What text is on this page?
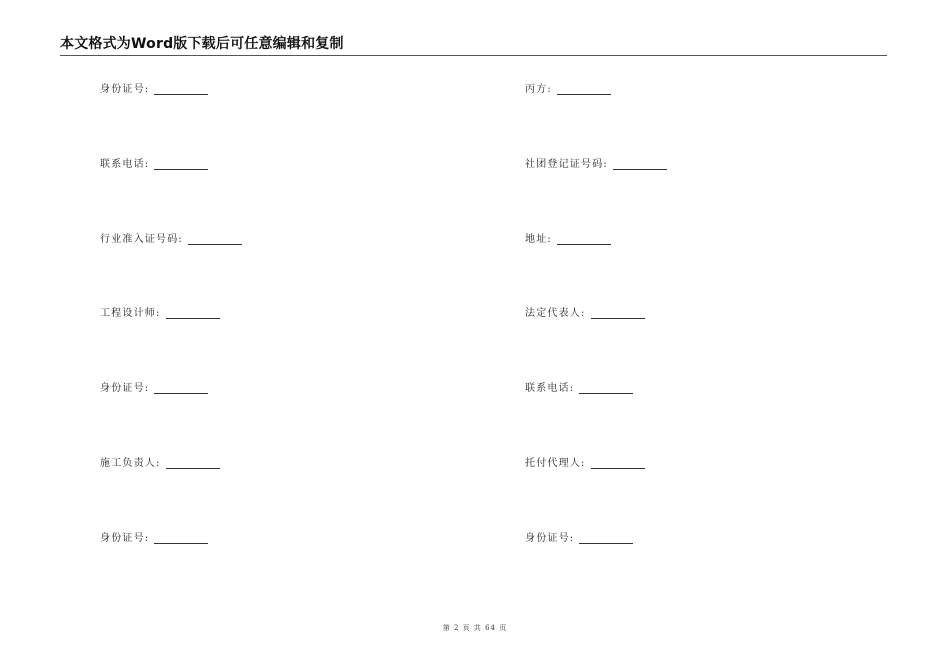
本文格式为Word版下载后可任意编辑和复制
身份证号:
联系电话:
行业准入证号码:
工程设计师:
身份证号:
施工负责人:
身份证号:
丙方:
社团登记证号码:
地址:
法定代表人:
联系电话:
托付代理人:
身份证号:
第 2 页 共 64 页
